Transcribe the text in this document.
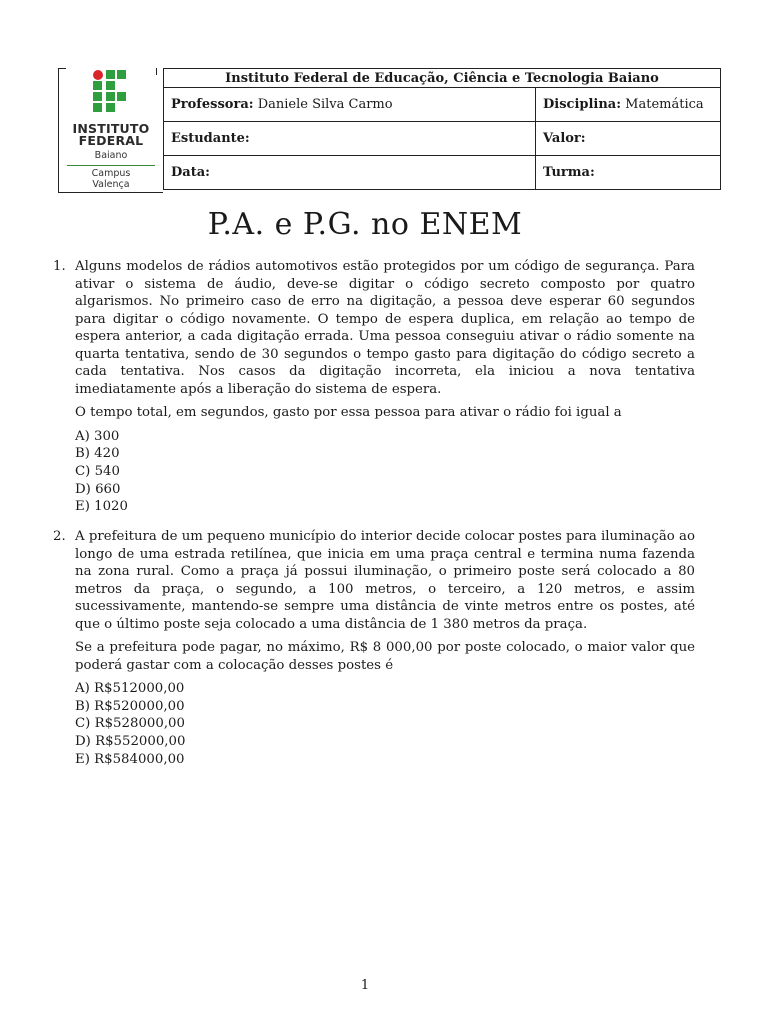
INSTITUTO
FEDERAL
Baiano
Campus
Valença
Instituto Federal de Educação, Ciência e Tecnologia Baiano	
Professora: Daniele Silva Carmo	Disciplina: Matemática
Estudante:	Valor:
Data:	Turma:
P.A. e P.G. no ENEM
1. Alguns modelos de rádios automotivos estão protegidos por um código de segurança. Para ativar o sistema de áudio, deve-se digitar o código secreto composto por quatro algarismos. No primeiro caso de erro na digitação, a pessoa deve esperar 60 segundos para digitar o código novamente. O tempo de espera duplica, em relação ao tempo de espera anterior, a cada digitação errada. Uma pessoa conseguiu ativar o rádio somente na quarta tentativa, sendo de 30 segundos o tempo gasto para digitação do código secreto a cada tentativa. Nos casos da digitação incorreta, ela iniciou a nova tentativa imediatamente após a liberação do sistema de espera.

O tempo total, em segundos, gasto por essa pessoa para ativar o rádio foi igual a

A) 300
B) 420
C) 540
D) 660
E) 1020
2. A prefeitura de um pequeno município do interior decide colocar postes para iluminação ao longo de uma estrada retilínea, que inicia em uma praça central e termina numa fazenda na zona rural. Como a praça já possui iluminação, o primeiro poste será colocado a 80 metros da praça, o segundo, a 100 metros, o terceiro, a 120 metros, e assim sucessivamente, mantendo-se sempre uma distância de vinte metros entre os postes, até que o último poste seja colocado a uma distância de 1 380 metros da praça.

Se a prefeitura pode pagar, no máximo, R$ 8 000,00 por poste colocado, o maior valor que poderá gastar com a colocação desses postes é

A) R$512000,00
B) R$520000,00
C) R$528000,00
D) R$552000,00
E) R$584000,00
1
